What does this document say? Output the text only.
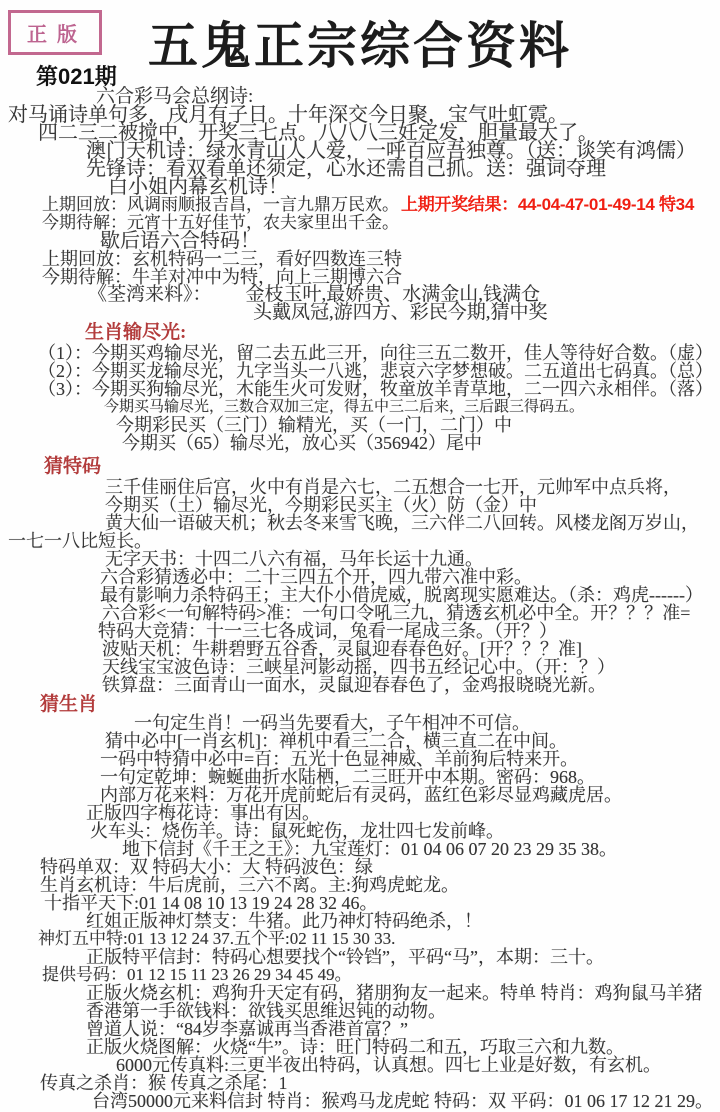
正版	五鬼正宗综合资料
第021期
六合彩马会总纲诗:
对马诵诗单句多，戌月有子日。十年深交今日聚，宝气吐虹霓。
四二三二被搅中，开奖三七点。八八八三妊定发，胆量最大了。
澳门天机诗：绿水青山人人爱，一呼百应吾独尊。（送：谈笑有鸿儒）
先锋诗：看双看单还须定，心水还需自己抓。送：强词夺理
白小姐内幕玄机诗！
上期回放：风调雨顺报吉昌，一言九鼎万民欢。 上期开奖结果：44-04-47-01-49-14 特34
今期待解：元宵十五好佳节，农夫家里出千金。
歇后语六合特码！
上期回放：玄机特码一二三，看好四数连三特
今期待解：牛羊对冲中为特，向上三期博六合
《荃湾来料》： 金枝玉叶,最娇贵、水满金山,钱满仓
头戴凤冠,游四方、彩民今期,猜中奖
生肖输尽光:
（1）：今期买鸡输尽光，留二去五此三开，向往三五二数开，佳人等待好合数。（虚）
（2）：今期买龙输尽光，九字当头一八逃，悲哀六字梦想破。二五道出七码真。（总）
（3）：今期买狗输尽光，木能生火可发财，牧童放羊青草地，二一四六永相伴。（落）
今期买马输尽光，三数合双加三定，得五中三二后来，三后跟三得码五。
今期彩民买（三门）输精光，买（一门，二门）中
今期买（65）输尽光，放心买（356942）尾中
猜特码
三千佳丽住后宫，火中有肖是六七，二五想合一七开，元帅军中点兵将，
今期买（土）输尽光，今期彩民买主（火）防（金）中
黄大仙一语破天机；秋去冬来雪飞晚，三六伴二八回转。风楼龙阁万岁山，
一七一八比短长。
无字天书：十四二八六有福，马年长运十九通。
六合彩猜透必中：二十三四五个开，四九带六准中彩。
最有影响力杀特码王；主大仆小借虎威，脱离现实愿难达。（杀：鸡虎------）
六合彩<一句解特码>准：一句口令吼三九，猜透玄机必中全。开？？？准=
特码大竞猜：十一三七各成词，兔看一尾成三条。（开？）
波贴天机：牛耕碧野五谷香，灵鼠迎春春色好。[开？？？准]
天线宝宝波色诗：三峡星河影动摇，四书五经记心中。（开：？）
铁算盘：三面青山一面水，灵鼠迎春春色了，金鸡报晓晓光新。
猜生肖
一句定生肖！一码当先要看大，子午相冲不可信。
猜中必中[一肖玄机]：禅机中看三二合，横三直二在中间。
一码中特猜中必中=百：五光十色显神威、羊前狗后特来开。
一句定乾坤：蜿蜒曲折水陆栖，二三旺开中本期。密码：968。
内部万花来料：万花开虎前蛇后有灵码，蓝红色彩尽显鸡藏虎居。
正版四字梅花诗：事出有因。
火车头：烧伤羊。诗：鼠死蛇伤，龙壮四七发前峰。
地下信封《千王之王》：九宝莲灯：01 04 06 07 20 23 29 35 38。
特码单双：双 特码大小：大 特码波色：绿
生肖玄机诗：牛后虎前，三六不离。主:狗鸡虎蛇龙。
十指平天下:01 14 08 10 13 19 24 28 32 46。
红姐正版神灯禁支：牛猪。此乃神灯特码绝杀，！
神灯五中特:01 13 12 24 37.五个平:02 11 15 30 33.
正版特平信封：特码心想要找个“铃铛”，平码“马”，本期：三十。
提供号码：01 12 15 11 23 26 29 34 45 49。
正版火烧玄机：鸡狗升天定有码，猪朋狗友一起来。特单 特肖：鸡狗鼠马羊猪
香港第一手欲钱料：欲钱买思维迟钝的动物。
曾道人说：“84岁李嘉诚再当香港首富？”
正版火烧图解：火烧“牛”。诗：旺门特码二和五，巧取三六和九数。
6000元传真料:三更半夜出特码，认真想。四七上业是好数，有玄机。
传真之杀肖：猴 传真之杀尾：1
台湾50000元来料信封 特肖：猴鸡马龙虎蛇 特码：双 平码：01 06 17 12 21 29。
